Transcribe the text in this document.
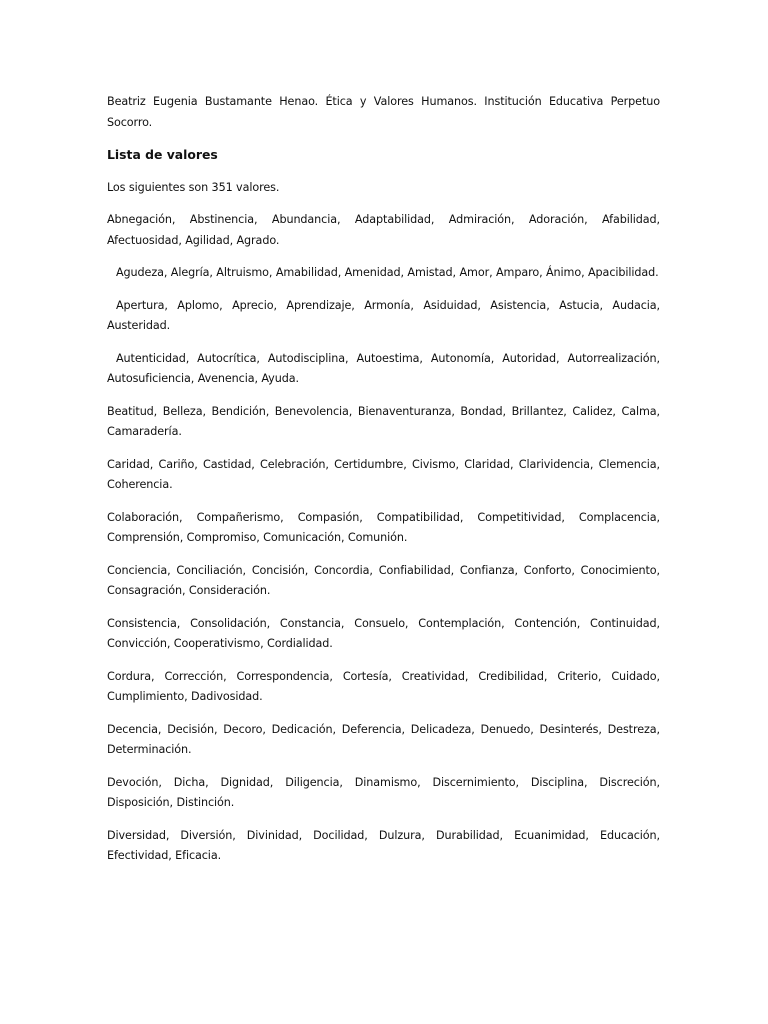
Beatriz Eugenia Bustamante Henao. Ética y Valores Humanos. Institución Educativa Perpetuo Socorro.

Lista de valores

Los siguientes son 351 valores.

Abnegación, Abstinencia, Abundancia, Adaptabilidad, Admiración, Adoración, Afabilidad, Afectuosidad, Agilidad, Agrado.

Agudeza, Alegría, Altruismo, Amabilidad, Amenidad, Amistad, Amor, Amparo, Ánimo, Apacibilidad.

Apertura, Aplomo, Aprecio, Aprendizaje, Armonía, Asiduidad, Asistencia, Astucia, Audacia, Austeridad.

Autenticidad, Autocrítica, Autodisciplina, Autoestima, Autonomía, Autoridad, Autorrealización, Autosuficiencia, Avenencia, Ayuda.

Beatitud, Belleza, Bendición, Benevolencia, Bienaventuranza, Bondad, Brillantez, Calidez, Calma, Camaradería.

Caridad, Cariño, Castidad, Celebración, Certidumbre, Civismo, Claridad, Clarividencia, Clemencia, Coherencia.

Colaboración, Compañerismo, Compasión, Compatibilidad, Competitividad, Complacencia, Comprensión, Compromiso, Comunicación, Comunión.

Conciencia, Conciliación, Concisión, Concordia, Confiabilidad, Confianza, Conforto, Conocimiento, Consagración, Consideración.

Consistencia, Consolidación, Constancia, Consuelo, Contemplación, Contención, Continuidad, Convicción, Cooperativismo, Cordialidad.

Cordura, Corrección, Correspondencia, Cortesía, Creatividad, Credibilidad, Criterio, Cuidado, Cumplimiento, Dadivosidad.

Decencia, Decisión, Decoro, Dedicación, Deferencia, Delicadeza, Denuedo, Desinterés, Destreza, Determinación.

Devoción, Dicha, Dignidad, Diligencia, Dinamismo, Discernimiento, Disciplina, Discreción, Disposición, Distinción.

Diversidad, Diversión, Divinidad, Docilidad, Dulzura, Durabilidad, Ecuanimidad, Educación, Efectividad, Eficacia.
